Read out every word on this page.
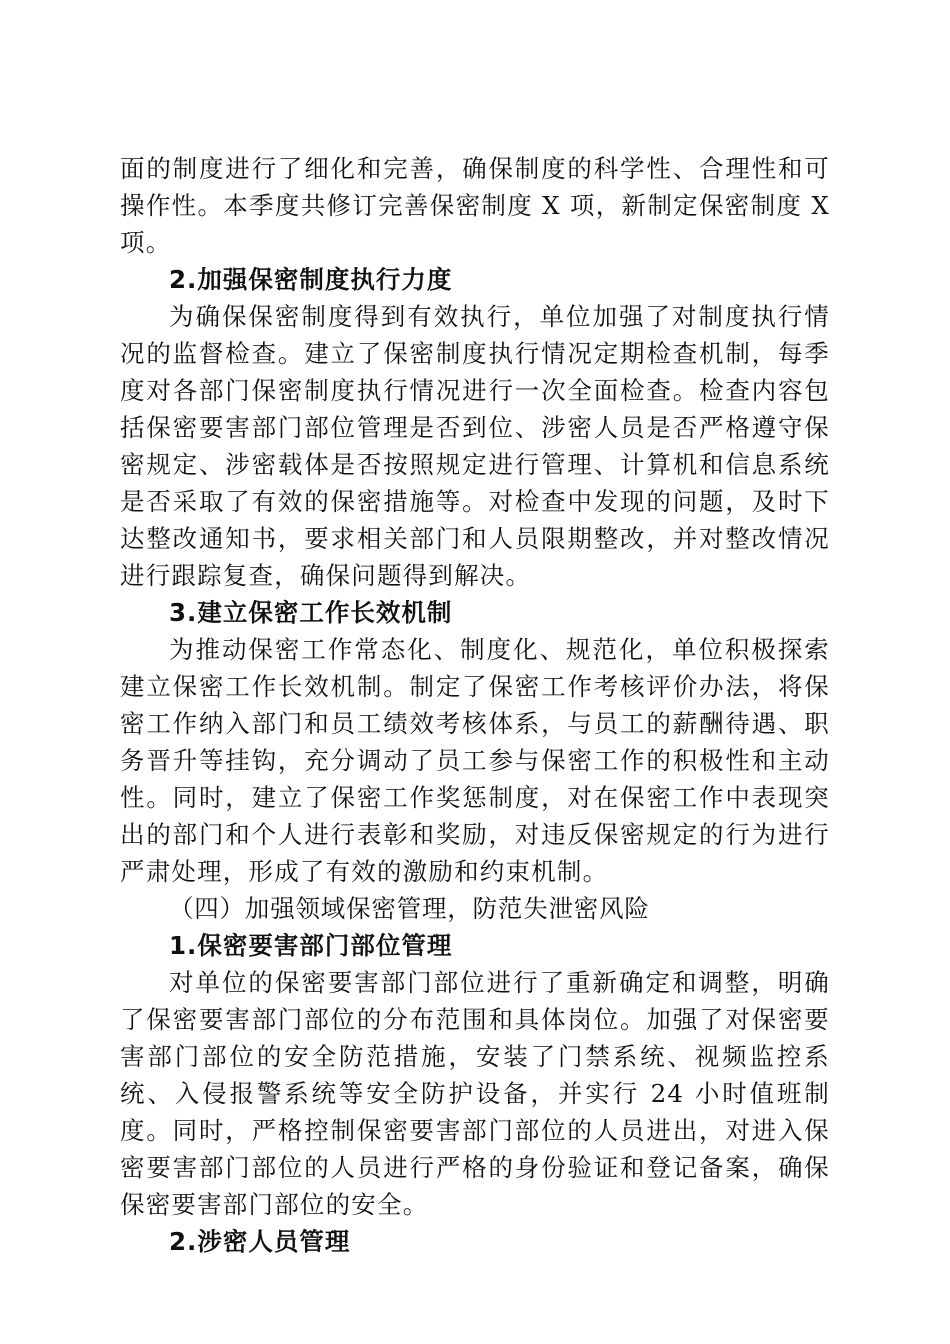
面的制度进行了细化和完善，确保制度的科学性、合理性和可操作性。本季度共修订完善保密制度 X 项，新制定保密制度 X 项。

2.加强保密制度执行力度

为确保保密制度得到有效执行，单位加强了对制度执行情况的监督检查。建立了保密制度执行情况定期检查机制，每季度对各部门保密制度执行情况进行一次全面检查。检查内容包括保密要害部门部位管理是否到位、涉密人员是否严格遵守保密规定、涉密载体是否按照规定进行管理、计算机和信息系统是否采取了有效的保密措施等。对检查中发现的问题，及时下达整改通知书，要求相关部门和人员限期整改，并对整改情况进行跟踪复查，确保问题得到解决。

3.建立保密工作长效机制

为推动保密工作常态化、制度化、规范化，单位积极探索建立保密工作长效机制。制定了保密工作考核评价办法，将保密工作纳入部门和员工绩效考核体系，与员工的薪酬待遇、职务晋升等挂钩，充分调动了员工参与保密工作的积极性和主动性。同时，建立了保密工作奖惩制度，对在保密工作中表现突出的部门和个人进行表彰和奖励，对违反保密规定的行为进行严肃处理，形成了有效的激励和约束机制。

（四）加强领域保密管理，防范失泄密风险

1.保密要害部门部位管理

对单位的保密要害部门部位进行了重新确定和调整，明确了保密要害部门部位的分布范围和具体岗位。加强了对保密要害部门部位的安全防范措施，安装了门禁系统、视频监控系统、入侵报警系统等安全防护设备，并实行 24 小时值班制度。同时，严格控制保密要害部门部位的人员进出，对进入保密要害部门部位的人员进行严格的身份验证和登记备案，确保保密要害部门部位的安全。

2.涉密人员管理
